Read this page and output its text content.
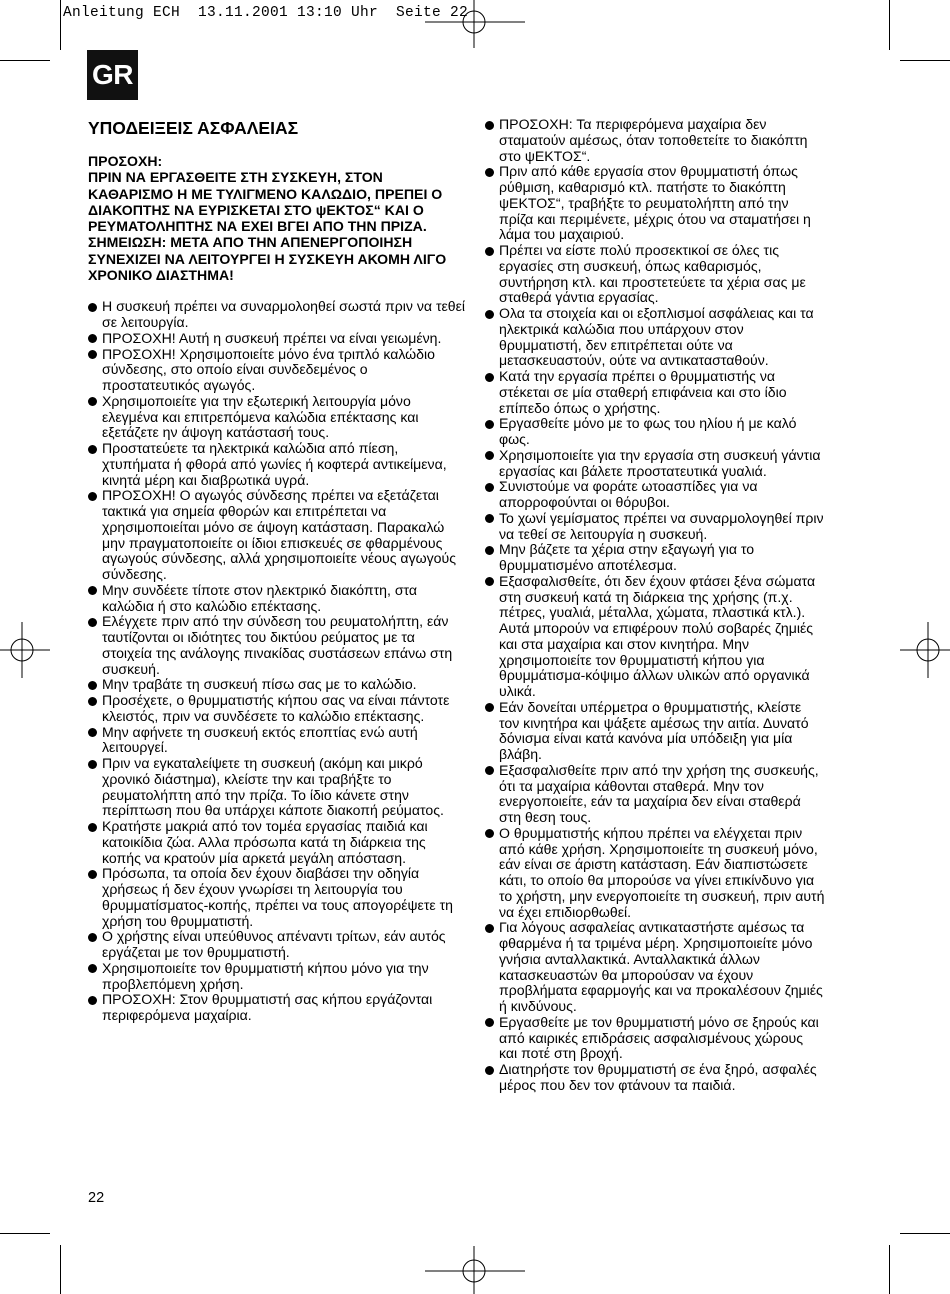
Anleitung ECH  13.11.2001 13:10 Uhr  Seite 22
GR
ΥΠΟΔΕΙΞΕΙΣ ΑΣΦΑΛΕΙΑΣ

ΠΡΟΣΟΧΗ:

ΠΡΙΝ ΝΑ ΕΡΓΑΣΘΕΙΤΕ ΣΤΗ ΣΥΣΚΕΥΗ, ΣΤΟΝ ΚΑΘΑΡΙΣΜΟ Η ΜΕ ΤΥΛΙΓΜΕΝΟ ΚΑΛΩΔΙΟ, ΠΡΕΠΕΙ Ο ΔΙΑΚΟΠΤΗΣ ΝΑ ΕΥΡΙΣΚΕΤΑΙ ΣΤΟ ψΕΚΤΟΣ“ ΚΑΙ Ο ΡΕΥΜΑΤΟΛΗΠΤΗΣ ΝΑ ΕΧΕΙ ΒΓΕΙ ΑΠΟ ΤΗΝ ΠΡΙΖΑ.

ΣΗΜΕΙΩΣΗ: ΜΕΤΑ ΑΠΟ ΤΗΝ ΑΠΕΝΕΡΓΟΠΟΙΗΣΗ ΣΥΝΕΧΙΖΕΙ ΝΑ ΛΕΙΤΟΥΡΓΕΙ Η ΣΥΣΚΕΥΗ ΑΚΟΜΗ ΛΙΓΟ ΧΡΟΝΙΚΟ ΔΙΑΣΤΗΜΑ!

Η συσκευή πρέπει να συναρμολοηθεί σωστά πριν να τεθεί σε λειτουργία.
ΠΡΟΣΟΧΗ! Αυτή η συσκευή πρέπει να είναι γειωμένη.
ΠΡΟΣΟΧΗ! Χρησιμοποιείτε μόνο ένα τριπλό καλώδιο σύνδεσης, στο οποίο είναι συνδεδεμένος ο προστατευτικός αγωγός.
Χρησιμοποιείτε για την εξωτερική λειτουργία μόνο ελεγμένα και επιτρεπόμενα καλώδια επέκτασης και εξετάζετε ην άψογη κατάστασή τους.
Προστατεύετε τα ηλεκτρικά καλώδια από πίεση, χτυπήματα ή φθορά από γωνίες ή κοφτερά αντικείμενα, κινητά μέρη και διαβρωτικά υγρά.
ΠΡΟΣΟΧΗ! Ο αγωγός σύνδεσης πρέπει να εξετάζεται τακτικά για σημεία φθορών και επιτρέπεται να χρησιμοποιείται μόνο σε άψογη κατάσταση. Παρακαλώ μην πραγματοποιείτε οι ίδιοι επισκευές σε φθαρμένους αγωγούς σύνδεσης, αλλά χρησιμοποιείτε νέους αγωγούς σύνδεσης.
Μην συνδέετε τίποτε στον ηλεκτρικό διακόπτη, στα καλώδια ή στο καλώδιο επέκτασης.
Ελέγχετε πριν από την σύνδεση του ρευματολήπτη, εάν ταυτίζονται οι ιδιότητες του δικτύου ρεύματος με τα στοιχεία της ανάλογης πινακίδας συστάσεων επάνω στη συσκευή.
Μην τραβάτε τη συσκευή πίσω σας με το καλώδιο.
Προσέχετε, ο θρυμματιστής κήπου σας να είναι πάντοτε κλειστός, πριν να συνδέσετε το καλώδιο επέκτασης.
Μην αφήνετε τη συσκευή εκτός εποπτίας ενώ αυτή λειτουργεί.
Πριν να εγκαταλείψετε τη συσκευή (ακόμη και μικρό χρονικό διάστημα), κλείστε την και τραβήξτε το ρευματολήπτη από την πρίζα. Το ίδιο κάνετε στην περίπτωση που θα υπάρχει κάποτε διακοπή ρεύματος.
Κρατήστε μακριά από τον τομέα εργασίας παιδιά και κατοικίδια ζώα. Αλλα πρόσωπα κατά τη διάρκεια της κοπής να κρατούν μία αρκετά μεγάλη απόσταση.
Πρόσωπα, τα οποία δεν έχουν διαβάσει την οδηγία χρήσεως ή δεν έχουν γνωρίσει τη λειτουργία του θρυμματίσματος-κοπής, πρέπει να τους απογορέψετε τη χρήση του θρυμματιστή.
Ο χρήστης είναι υπεύθυνος απέναντι τρίτων, εάν αυτός εργάζεται με τον θρυμματιστή.
Χρησιμοποιείτε τον θρυμματιστή κήπου μόνο για την προβλεπόμενη χρήση.
ΠΡΟΣΟΧΗ: Στον θρυμματιστή σας κήπου εργάζονται περιφερόμενα μαχαίρια.
ΠΡΟΣΟΧΗ: Τα περιφερόμενα μαχαίρια δεν σταματούν αμέσως, όταν τοποθετείτε το διακόπτη στο ψΕΚΤΟΣ“.
Πριν από κάθε εργασία στον θρυμματιστή όπως ρύθμιση, καθαρισμό κτλ. πατήστε το διακόπτη ψΕΚΤΟΣ“, τραβήξτε το ρευματολήπτη από την πρίζα και περιμένετε, μέχρις ότου να σταματήσει η λάμα του μαχαιριού.
Πρέπει να είστε πολύ προσεκτικοί σε όλες τις εργασίες στη συσκευή, όπως καθαρισμός, συντήρηση κτλ. και προστετεύετε τα χέρια σας με σταθερά γάντια εργασίας.
Ολα τα στοιχεία και οι εξοπλισμοί ασφάλειας και τα ηλεκτρικά καλώδια που υπάρχουν στον θρυμματιστή, δεν επιτρέπεται ούτε να μετασκευαστούν, ούτε να αντικατασταθούν.
Κατά την εργασία πρέπει ο θρυμματιστής να στέκεται σε μία σταθερή επιφάνεια και στο ίδιο επίπεδο όπως ο χρήστης.
Εργασθείτε μόνο με το φως του ηλίου ή με καλό φως.
Χρησιμοποιείτε για την εργασία στη συσκευή γάντια εργασίας και βάλετε προστατευτικά γυαλιά.
Συνιστούμε να φοράτε ωτοασπίδες για να απορροφούνται οι θόρυβοι.
Το χωνί γεμίσματος πρέπει να συναρμολογηθεί πριν να τεθεί σε λειτουργία η συσκευή.
Μην βάζετε τα χέρια στην εξαγωγή για το θρυμματισμένο αποτέλεσμα.
Εξασφαλισθείτε, ότι δεν έχουν φτάσει ξένα σώματα στη συσκευή κατά τη διάρκεια της χρήσης (π.χ. πέτρες, γυαλιά, μέταλλα, χώματα, πλαστικά κτλ.). Αυτά μπορούν να επιφέρουν πολύ σοβαρές ζημιές και στα μαχαίρια και στον κινητήρα. Μην χρησιμοποιείτε τον θρυμματιστή κήπου για θρυμμάτισμα-κόψιμο άλλων υλικών από οργανικά υλικά.
Εάν δονείται υπέρμετρα ο θρυμματιστής, κλείστε τον κινητήρα και ψάξετε αμέσως την αιτία. Δυνατό δόνισμα είναι κατά κανόνα μία υπόδειξη για μία βλάβη.
Εξασφαλισθείτε πριν από την χρήση της συσκευής, ότι τα μαχαίρια κάθονται σταθερά. Μην τον ενεργοποιείτε, εάν τα μαχαίρια δεν είναι σταθερά στη θεση τους.
Ο θρυμματιστής κήπου πρέπει να ελέγχεται πριν από κάθε χρήση. Χρησιμοποιείτε τη συσκευή μόνο, εάν είναι σε άριστη κατάσταση. Εάν διαπιστώσετε κάτι, το οποίο θα μπορούσε να γίνει επικίνδυνο για το χρήστη, μην ενεργοποιείτε τη συσκευή, πριν αυτή να έχει επιδιορθωθεί.
Για λόγους ασφαλείας αντικαταστήστε αμέσως τα φθαρμένα ή τα τριμένα μέρη. Χρησιμοποιείτε μόνο γνήσια ανταλλακτικά. Ανταλλακτικά άλλων κατασκευαστών θα μπορούσαν να έχουν προβλήματα εφαρμογής και να προκαλέσουν ζημιές ή κινδύνους.
Εργασθείτε με τον θρυμματιστή μόνο σε ξηρούς και από καιρικές επιδράσεις ασφαλισμένους χώρους και ποτέ στη βροχή.
Διατηρήστε τον θρυμματιστή σε ένα ξηρό, ασφαλές μέρος που δεν τον φτάνουν τα παιδιά.
22
